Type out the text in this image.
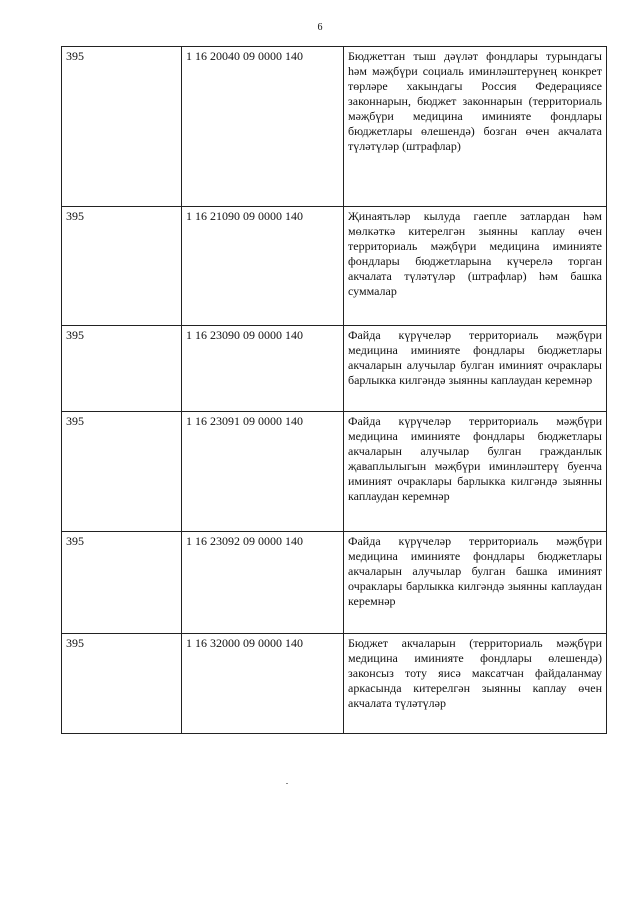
6
395	1 16 20040 09 0000 140	Бюджеттан тыш дәүләт фондлары турындагы һәм мәҗбүри социаль иминләштерүнең конкрет төрләре хакындагы Россия Федерациясе законнарын, бюджет законнарын (территориаль мәҗбүри медицина иминияте фондлары бюджетлары өлешендә) бозган өчен акчалата түләтүләр (штрафлар)

395	1 16 21090 09 0000 140	Җинаятьләр кылуда гаепле затлардан һәм мөлкәткә китерелгән зыянны каплау өчен территориаль мәҗбүри медицина иминияте фондлары бюджетларына күчерелә торган акчалата түләтүләр (штрафлар) һәм башка суммалар

395	1 16 23090 09 0000 140	Файда күрүчеләр территориаль мәҗбүри медицина иминияте фондлары бюджетлары акчаларын алучылар булган иминият очраклары барлыкка килгәндә зыянны каплаудан керемнәр

395	1 16 23091 09 0000 140	Файда күрүчеләр территориаль мәҗбүри медицина иминияте фондлары бюджетлары акчаларын алучылар булган гражданлык җаваплылыгын мәҗбүри иминләштерү буенча иминият очраклары барлыкка килгәндә зыянны каплаудан керемнәр

395	1 16 23092 09 0000 140	Файда күрүчеләр территориаль мәҗбүри медицина иминияте фондлары бюджетлары акчаларын алучылар булган башка иминият очраклары барлыкка килгәндә зыянны каплаудан керемнәр

395	1 16 32000 09 0000 140	Бюджет акчаларын (территориаль мәҗбүри медицина иминияте фондлары өлешендә) законсыз тоту яисә максатчан файдаланмау аркасында китерелгән зыянны каплау өчен акчалата түләтүләр
